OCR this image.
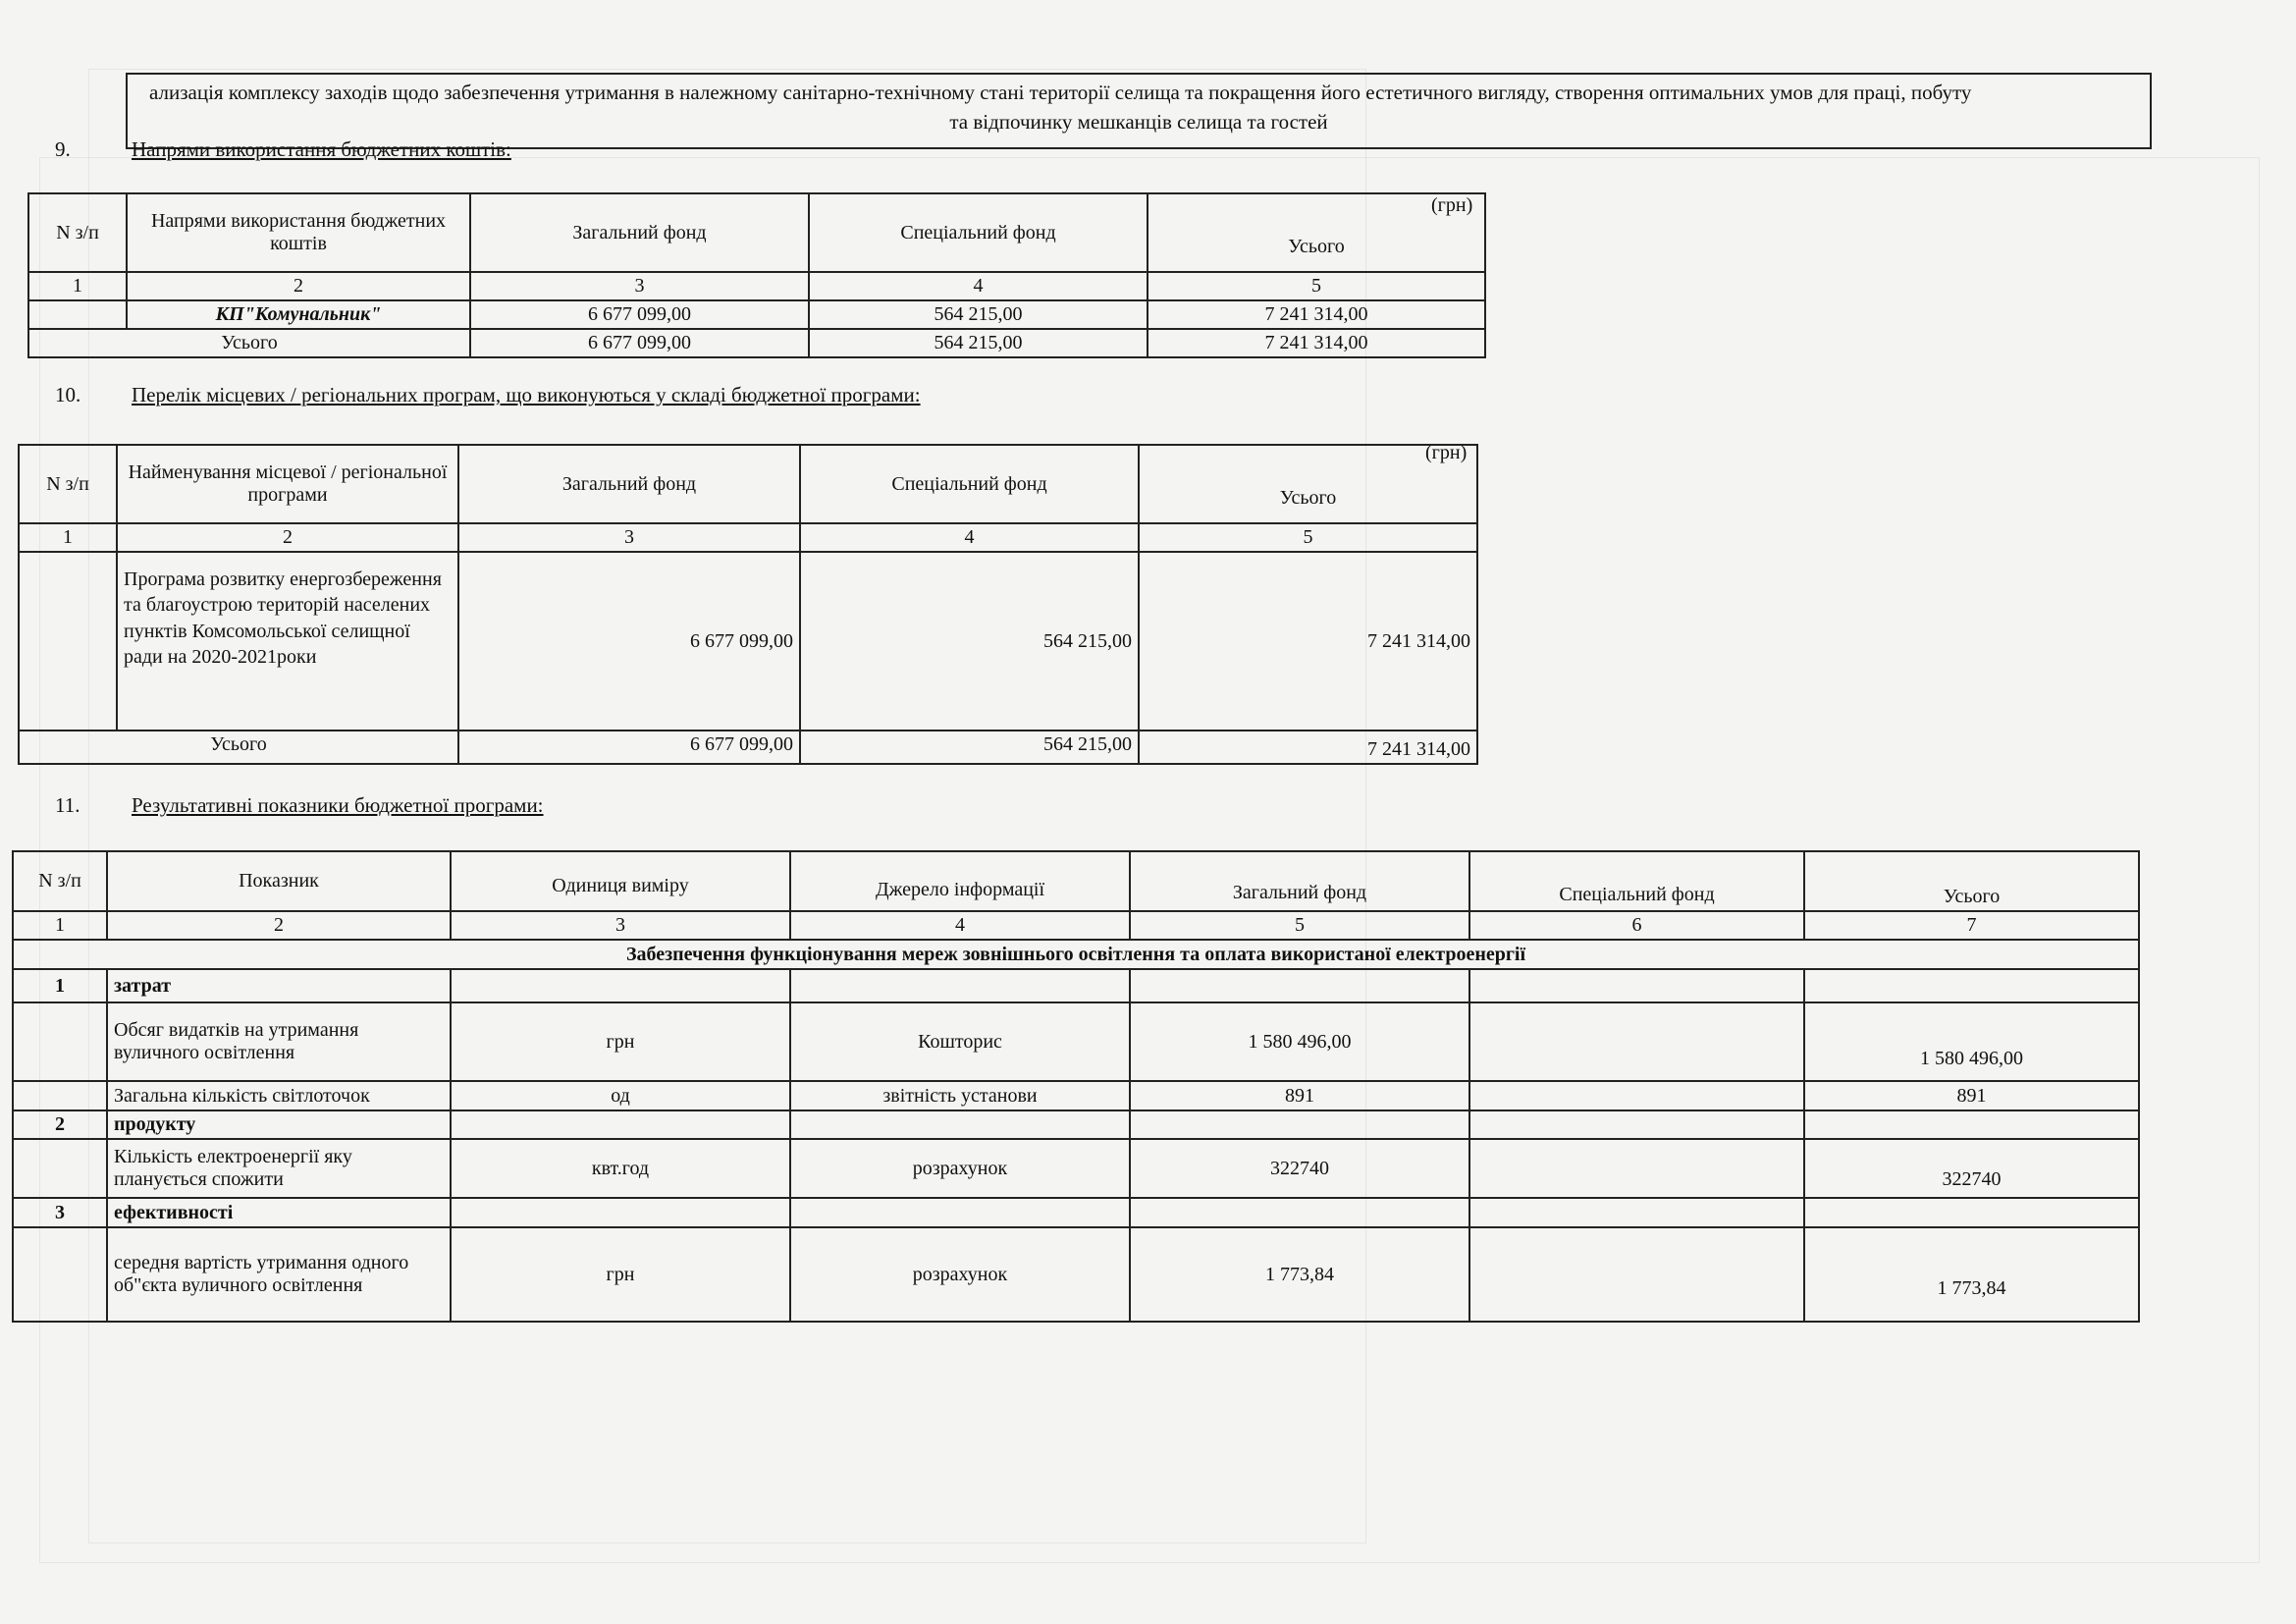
ализація комплексу заходів щодо забезпечення утримання в належному санітарно-технічному стані території селища та покращення його естетичного вигляду, створення оптимальних умов для праці, побуту
та відпочинку мешканців селища та гостей
9.	Напрями використання бюджетних коштів:
(грн)
N з/п	Напрями використання бюджетних коштів	Загальний фонд	Спеціальний фонд	Усього
1	2	3	4	5
	КП"Комунальник"	6 677 099,00	564 215,00	7 241 314,00
Усього		6 677 099,00	564 215,00	7 241 314,00
10. Перелік місцевих / регіональних програм, що виконуються у складі бюджетної програми:
(грн)
N з/п	Найменування місцевої / регіональної програми	Загальний фонд	Спеціальний фонд	Усього
1	2	3	4	5
	Програма розвитку енергозбереження та благоустрою територій населених пунктів Комсомольської селищної ради на 2020-2021роки	6 677 099,00	564 215,00	7 241 314,00
Усього		6 677 099,00	564 215,00	7 241 314,00
11.	Результативні показники бюджетної програми:
N з/п	Показник	Одиниця виміру	Джерело інформації	Загальний фонд	Спеціальний фонд	Усього
1	2	3	4	5	6	7
Забезпечення функціонування мереж зовнішнього освітлення та оплата використаної електроенергії						
1	затрат					
	Обсяг видатків на утримання вуличного освітлення	грн	Кошторис	1 580 496,00		1 580 496,00
	Загальна кількість світлоточок	од	звітність установи	891		891
2	продукту					
	Кількість електроенергії яку планується спожити	квт.год	розрахунок	322740		322740
3	ефективності					
	середня вартість утримання одного об"єкта вуличного освітлення	грн	розрахунок	1 773,84		1 773,84
